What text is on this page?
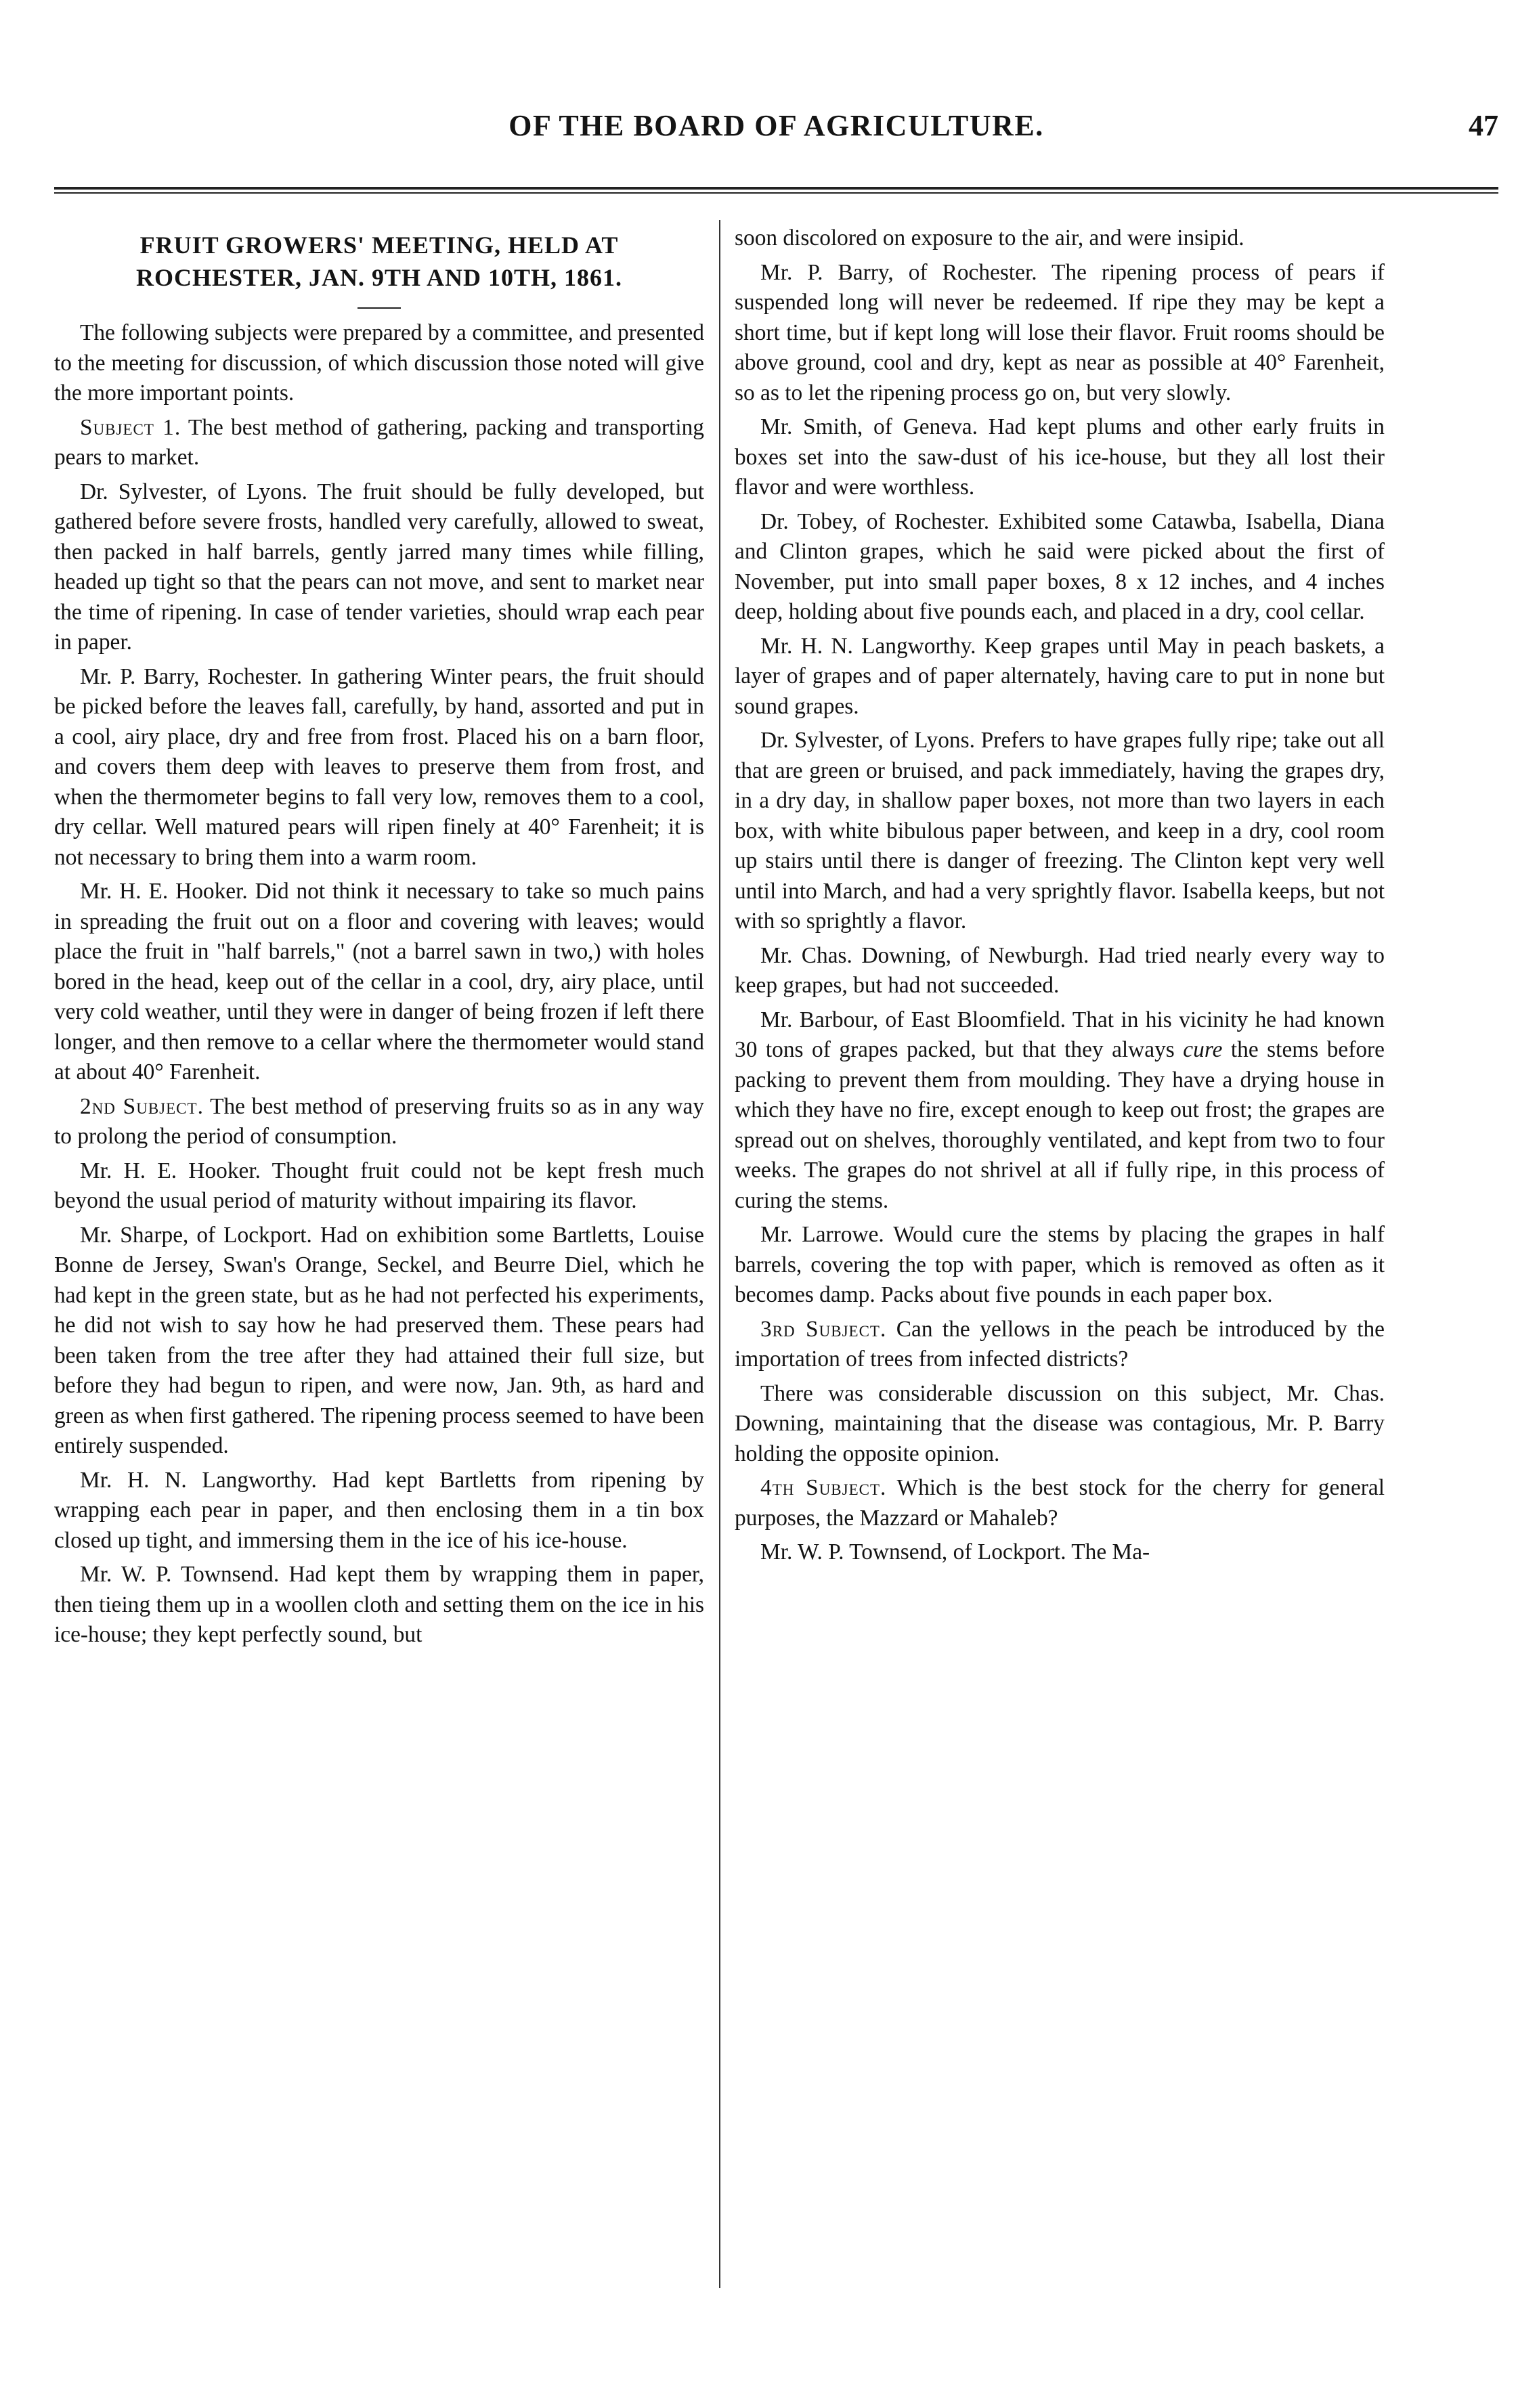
OF THE BOARD OF AGRICULTURE.	47
FRUIT GROWERS' MEETING, HELD AT
ROCHESTER, JAN. 9TH AND 10TH, 1861.

The following subjects were prepared by a committee, and presented to the meeting for discussion, of which discussion those noted will give the more important points.

Subject 1. The best method of gathering, packing and transporting pears to market.

Dr. Sylvester, of Lyons. The fruit should be fully developed, but gathered before severe frosts, handled very carefully, allowed to sweat, then packed in half barrels, gently jarred many times while filling, headed up tight so that the pears can not move, and sent to market near the time of ripening. In case of tender varieties, should wrap each pear in paper.

Mr. P. Barry, Rochester. In gathering Winter pears, the fruit should be picked before the leaves fall, carefully, by hand, assorted and put in a cool, airy place, dry and free from frost. Placed his on a barn floor, and covers them deep with leaves to preserve them from frost, and when the thermometer begins to fall very low, removes them to a cool, dry cellar. Well matured pears will ripen finely at 40° Farenheit; it is not necessary to bring them into a warm room.

Mr. H. E. Hooker. Did not think it necessary to take so much pains in spreading the fruit out on a floor and covering with leaves; would place the fruit in "half barrels," (not a barrel sawn in two,) with holes bored in the head, keep out of the cellar in a cool, dry, airy place, until very cold weather, until they were in danger of being frozen if left there longer, and then remove to a cellar where the thermometer would stand at about 40° Farenheit.

2nd Subject. The best method of preserving fruits so as in any way to prolong the period of consumption.

Mr. H. E. Hooker. Thought fruit could not be kept fresh much beyond the usual period of maturity without impairing its flavor.

Mr. Sharpe, of Lockport. Had on exhibition some Bartletts, Louise Bonne de Jersey, Swan's Orange, Seckel, and Beurre Diel, which he had kept in the green state, but as he had not perfected his experiments, he did not wish to say how he had preserved them. These pears had been taken from the tree after they had attained their full size, but before they had begun to ripen, and were now, Jan. 9th, as hard and green as when first gathered. The ripening process seemed to have been entirely suspended.

Mr. H. N. Langworthy. Had kept Bartletts from ripening by wrapping each pear in paper, and then enclosing them in a tin box closed up tight, and immersing them in the ice of his ice-house.

Mr. W. P. Townsend. Had kept them by wrapping them in paper, then tieing them up in a woollen cloth and setting them on the ice in his ice-house; they kept perfectly sound, but

soon discolored on exposure to the air, and were insipid.

Mr. P. Barry, of Rochester. The ripening process of pears if suspended long will never be redeemed. If ripe they may be kept a short time, but if kept long will lose their flavor. Fruit rooms should be above ground, cool and dry, kept as near as possible at 40° Farenheit, so as to let the ripening process go on, but very slowly.

Mr. Smith, of Geneva. Had kept plums and other early fruits in boxes set into the saw-dust of his ice-house, but they all lost their flavor and were worthless.

Dr. Tobey, of Rochester. Exhibited some Catawba, Isabella, Diana and Clinton grapes, which he said were picked about the first of November, put into small paper boxes, 8 x 12 inches, and 4 inches deep, holding about five pounds each, and placed in a dry, cool cellar.

Mr. H. N. Langworthy. Keep grapes until May in peach baskets, a layer of grapes and of paper alternately, having care to put in none but sound grapes.

Dr. Sylvester, of Lyons. Prefers to have grapes fully ripe; take out all that are green or bruised, and pack immediately, having the grapes dry, in a dry day, in shallow paper boxes, not more than two layers in each box, with white bibulous paper between, and keep in a dry, cool room up stairs until there is danger of freezing. The Clinton kept very well until into March, and had a very sprightly flavor. Isabella keeps, but not with so sprightly a flavor.

Mr. Chas. Downing, of Newburgh. Had tried nearly every way to keep grapes, but had not succeeded.

Mr. Barbour, of East Bloomfield. That in his vicinity he had known 30 tons of grapes packed, but that they always cure the stems before packing to prevent them from moulding. They have a drying house in which they have no fire, except enough to keep out frost; the grapes are spread out on shelves, thoroughly ventilated, and kept from two to four weeks. The grapes do not shrivel at all if fully ripe, in this process of curing the stems.

Mr. Larrowe. Would cure the stems by placing the grapes in half barrels, covering the top with paper, which is removed as often as it becomes damp. Packs about five pounds in each paper box.

3rd Subject. Can the yellows in the peach be introduced by the importation of trees from infected districts?

There was considerable discussion on this subject, Mr. Chas. Downing, maintaining that the disease was contagious, Mr. P. Barry holding the opposite opinion.

4th Subject. Which is the best stock for the cherry for general purposes, the Mazzard or Mahaleb?

Mr. W. P. Townsend, of Lockport. The Ma-
